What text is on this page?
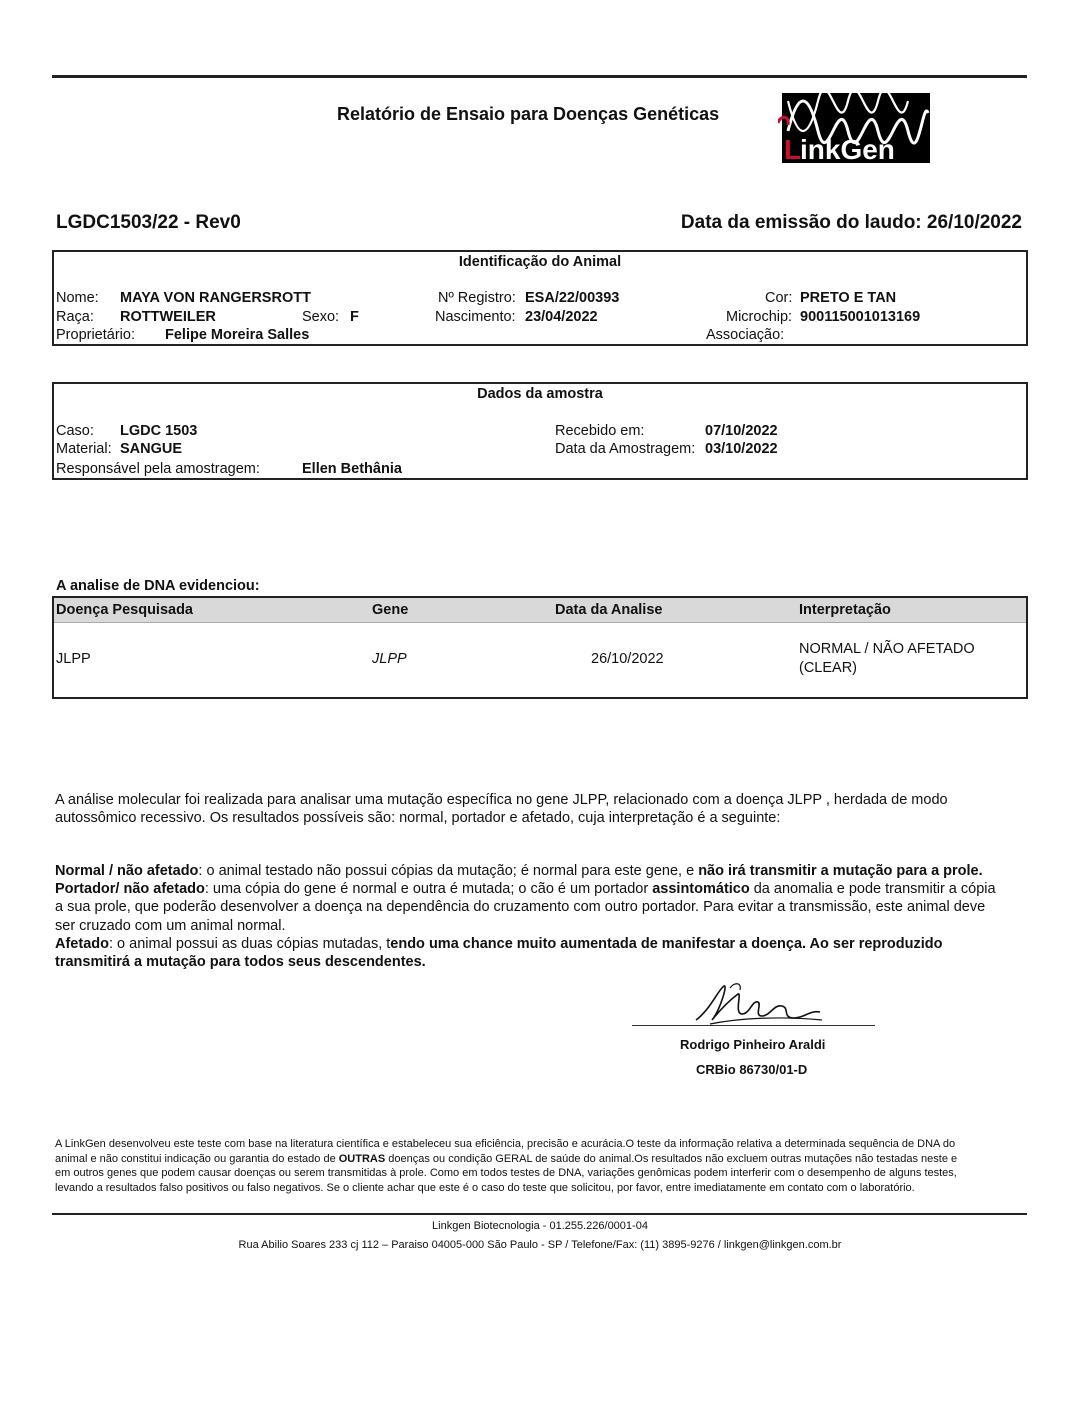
Relatório de Ensaio para Doenças Genéticas
L
inkGen
LGDC1503/22 - Rev0	Data da emissão do laudo: 26/10/2022
Identificação do Animal
Nome: MAYA VON RANGERSROTT
Raça: ROTTWEILER	Sexo: F
Proprietário: Felipe Moreira Salles
Nº Registro: ESA/22/00393
Nascimento: 23/04/2022
Cor: PRETO E TAN
Microchip: 900115001013169
Associação:
Dados da amostra
Caso: LGDC 1503
Material: SANGUE
Responsável pela amostragem:	Ellen Bethânia
Recebido em:	07/10/2022
Data da Amostragem: 03/10/2022
A analise de DNA evidenciou:
Doença Pesquisada	Gene	Data da Analise	Interpretação
JLPP	JLPP	26/10/2022
NORMAL / NÃO AFETADO
(CLEAR)
A análise molecular foi realizada para analisar uma mutação específica no gene JLPP, relacionado com a doença JLPP , herdada de modo
autossômico recessivo. Os resultados possíveis são: normal, portador e afetado, cuja interpretação é a seguinte:
Normal / não afetado: o animal testado não possui cópias da mutação; é normal para este gene, e não irá transmitir a mutação para a prole.
Portador/ não afetado: uma cópia do gene é normal e outra é mutada; o cão é um portador assintomático da anomalia e pode transmitir a cópia
a sua prole, que poderão desenvolver a doença na dependência do cruzamento com outro portador. Para evitar a transmissão, este animal deve
ser cruzado com um animal normal.
Afetado: o animal possui as duas cópias mutadas, tendo uma chance muito aumentada de manifestar a doença. Ao ser reproduzido
transmitirá a mutação para todos seus descendentes.
Rodrigo Pinheiro Araldi
CRBio 86730/01-D
A LinkGen desenvolveu este teste com base na literatura científica e estabeleceu sua eficiência, precisão e acurácia.O teste da informação relativa a determinada sequência de DNA do
animal e não constitui indicação ou garantia do estado de OUTRAS doenças ou condição GERAL de saúde do animal.Os resultados não excluem outras mutações não testadas neste e
em outros genes que podem causar doenças ou serem transmitidas à prole. Como em todos testes de DNA, variações genômicas podem interferir com o desempenho de alguns testes,
levando a resultados falso positivos ou falso negativos. Se o cliente achar que este é o caso do teste que solicitou, por favor, entre imediatamente em contato com o laboratório.
Linkgen Biotecnologia - 01.255.226/0001-04
Rua Abilio Soares 233 cj 112 – Paraiso 04005-000 São Paulo - SP / Telefone/Fax: (11) 3895-9276 / linkgen@linkgen.com.br
